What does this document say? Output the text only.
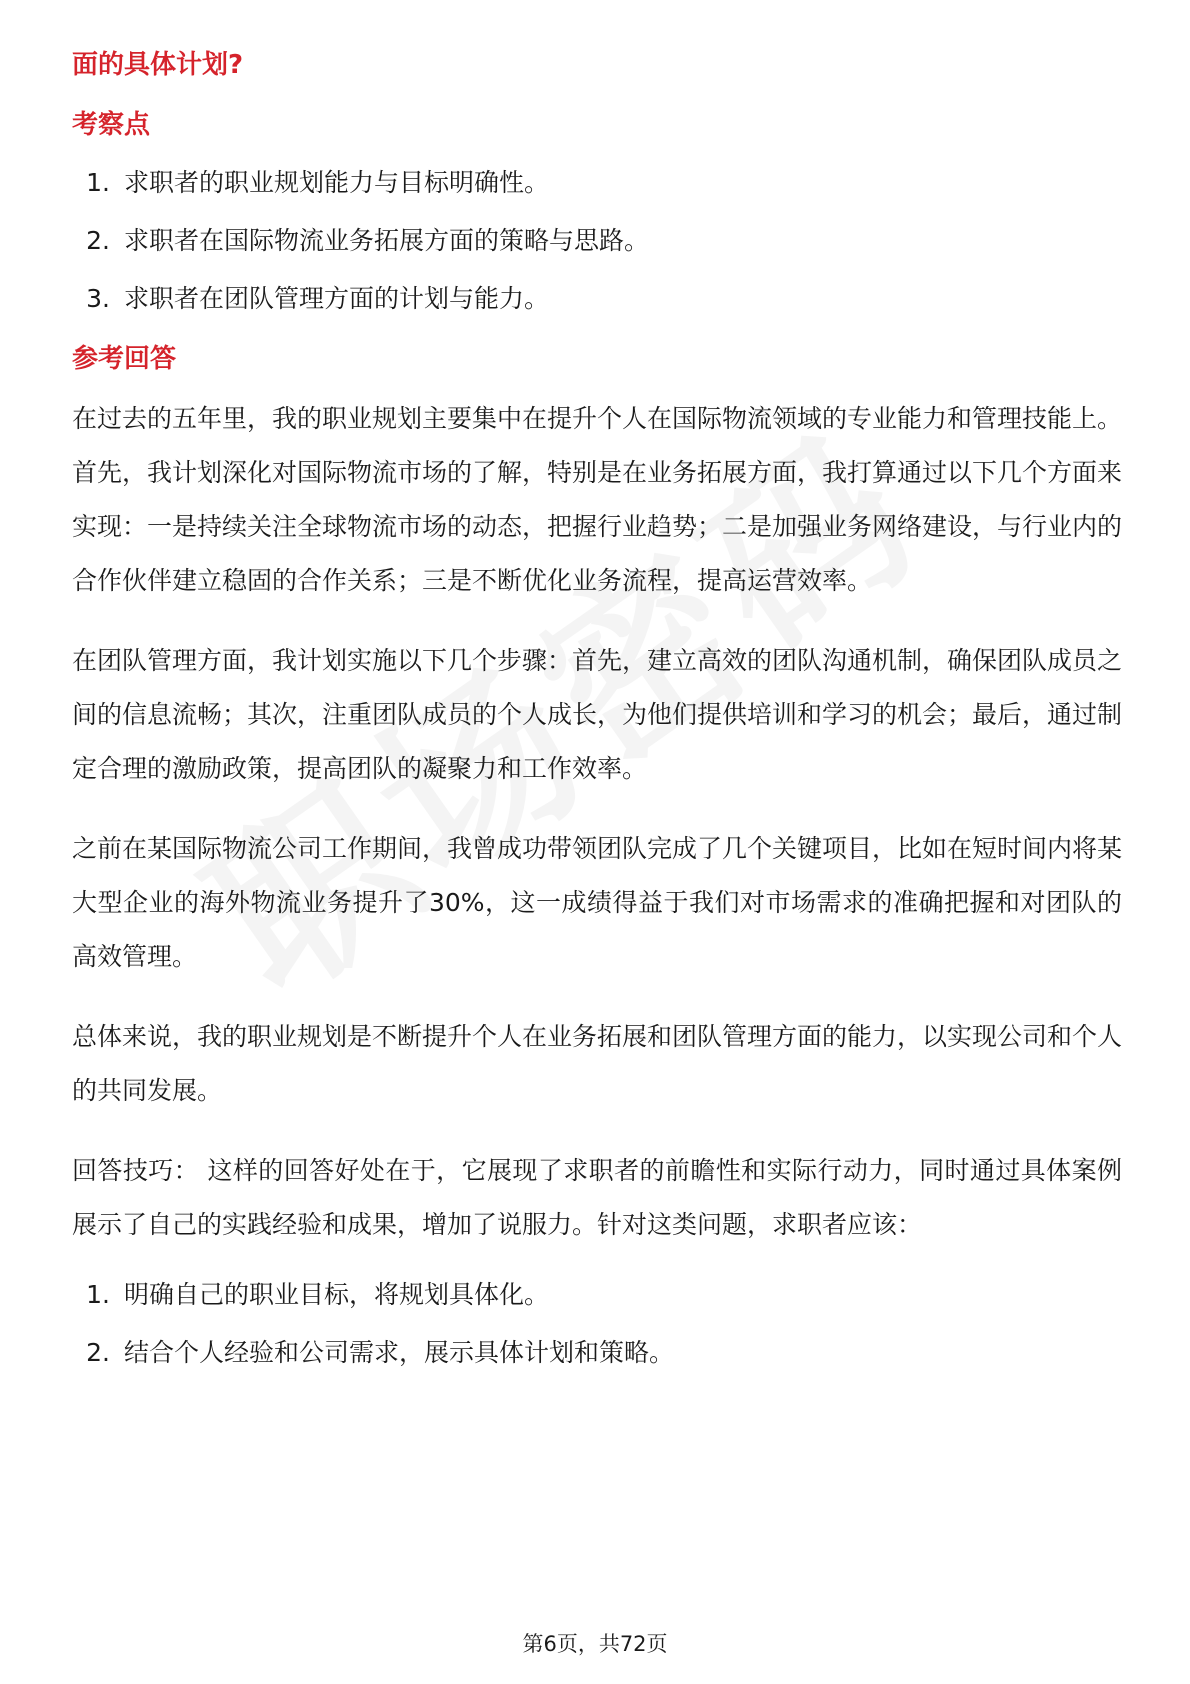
面的具体计划?
考察点
1. 求职者的职业规划能力与目标明确性。
2. 求职者在国际物流业务拓展方面的策略与思路。
3. 求职者在团队管理方面的计划与能力。
参考回答

在过去的五年里，我的职业规划主要集中在提升个人在国际物流领域的专业能力和管理技能上。首先，我计划深化对国际物流市场的了解，特别是在业务拓展方面，我打算通过以下几个方面来实现：一是持续关注全球物流市场的动态，把握行业趋势；二是加强业务网络建设，与行业内的合作伙伴建立稳固的合作关系；三是不断优化业务流程，提高运营效率。

在团队管理方面，我计划实施以下几个步骤：首先，建立高效的团队沟通机制，确保团队成员之间的信息流畅；其次，注重团队成员的个人成长，为他们提供培训和学习的机会；最后，通过制定合理的激励政策，提高团队的凝聚力和工作效率。

之前在某国际物流公司工作期间，我曾成功带领团队完成了几个关键项目，比如在短时间内将某大型企业的海外物流业务提升了30%，这一成绩得益于我们对市场需求的准确把握和对团队的高效管理。

总体来说，我的职业规划是不断提升个人在业务拓展和团队管理方面的能力，以实现公司和个人的共同发展。

回答技巧： 这样的回答好处在于，它展现了求职者的前瞻性和实际行动力，同时通过具体案例展示了自己的实践经验和成果，增加了说服力。针对这类问题，求职者应该：

1. 明确自己的职业目标，将规划具体化。
2. 结合个人经验和公司需求，展示具体计划和策略。
第6页，共72页
